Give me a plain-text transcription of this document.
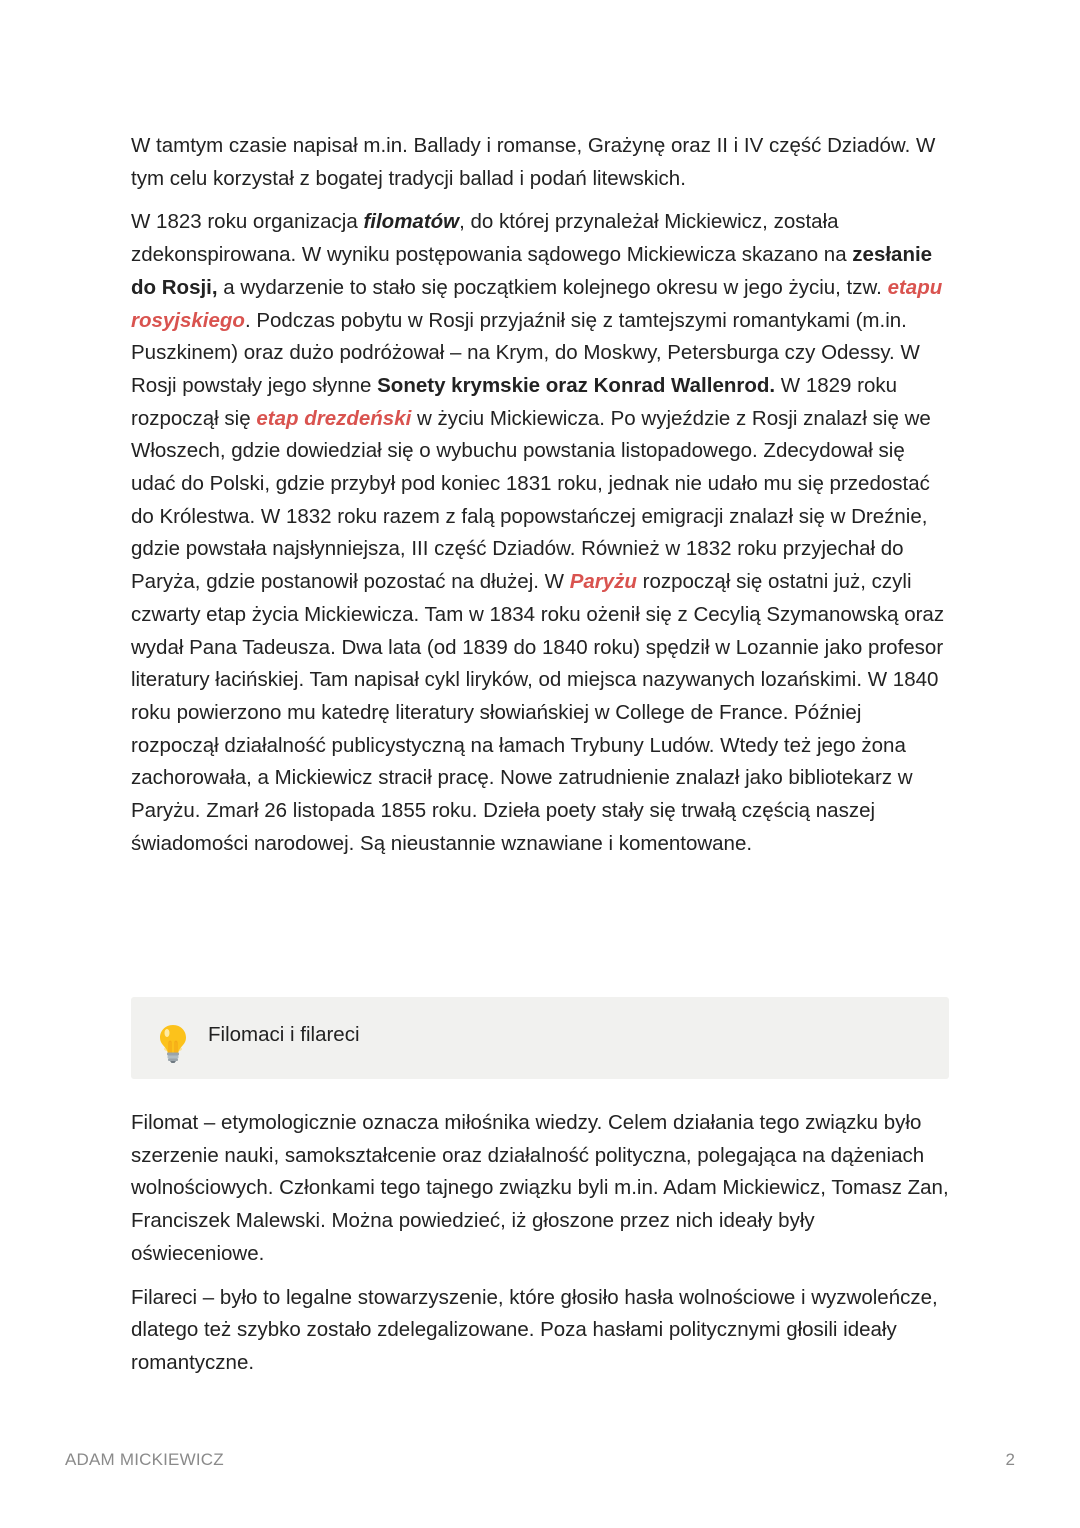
W tamtym czasie napisał m.in. Ballady i romanse, Grażynę oraz II i IV część Dziadów. W tym celu korzystał z bogatej tradycji ballad i podań litewskich.

W 1823 roku organizacja filomatów, do której przynależał Mickiewicz, została zdekonspirowana. W wyniku postępowania sądowego Mickiewicza skazano na zesłanie do Rosji, a wydarzenie to stało się początkiem kolejnego okresu w jego życiu, tzw. etapu rosyjskiego. Podczas pobytu w Rosji przyjaźnił się z tamtejszymi romantykami (m.in. Puszkinem) oraz dużo podróżował – na Krym, do Moskwy, Petersburga czy Odessy. W Rosji powstały jego słynne Sonety krymskie oraz Konrad Wallenrod. W 1829 roku rozpoczął się etap drezdeński w życiu Mickiewicza. Po wyjeździe z Rosji znalazł się we Włoszech, gdzie dowiedział się o wybuchu powstania listopadowego. Zdecydował się udać do Polski, gdzie przybył pod koniec 1831 roku, jednak nie udało mu się przedostać do Królestwa. W 1832 roku razem z falą popowstańczej emigracji znalazł się w Dreźnie, gdzie powstała najsłynniejsza, III część Dziadów. Również w 1832 roku przyjechał do Paryża, gdzie postanowił pozostać na dłużej. W Paryżu rozpoczął się ostatni już, czyli czwarty etap życia Mickiewicza. Tam w 1834 roku ożenił się z Cecylią Szymanowską oraz wydał Pana Tadeusza. Dwa lata (od 1839 do 1840 roku) spędził w Lozannie jako profesor literatury łacińskiej. Tam napisał cykl liryków, od miejsca nazywanych lozańskimi. W 1840 roku powierzono mu katedrę literatury słowiańskiej w College de France. Później rozpoczął działalność publicystyczną na łamach Trybuny Ludów. Wtedy też jego żona zachorowała, a Mickiewicz stracił pracę. Nowe zatrudnienie znalazł jako bibliotekarz w Paryżu. Zmarł 26 listopada 1855 roku. Dzieła poety stały się trwałą częścią naszej świadomości narodowej. Są nieustannie wznawiane i komentowane.

Filomaci i filareci

Filomat – etymologicznie oznacza miłośnika wiedzy. Celem działania tego związku było szerzenie nauki, samokształcenie oraz działalność polityczna, polegająca na dążeniach wolnościowych. Członkami tego tajnego związku byli m.in. Adam Mickiewicz, Tomasz Zan, Franciszek Malewski. Można powiedzieć, iż głoszone przez nich ideały były oświeceniowe.

Filareci – było to legalne stowarzyszenie, które głosiło hasła wolnościowe i wyzwoleńcze, dlatego też szybko zostało zdelegalizowane. Poza hasłami politycznymi głosili ideały romantyczne.

ADAM MICKIEWICZ	2
